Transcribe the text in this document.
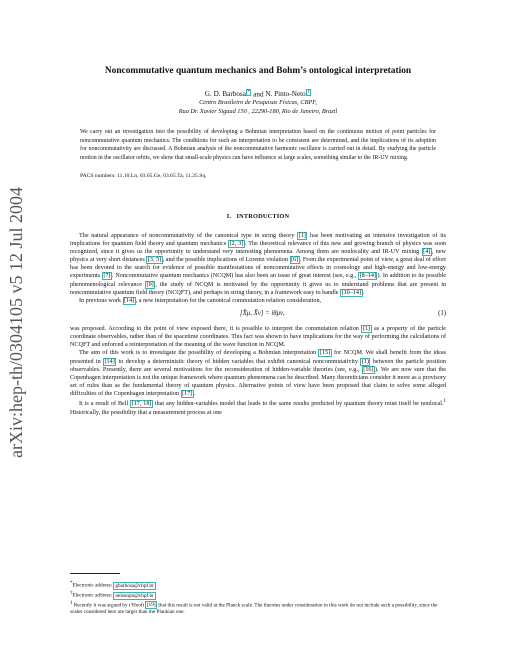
arXiv:hep-th/0304105 v5 12 Jul 2004
Noncommutative quantum mechanics and Bohm’s ontological interpretation
G. D. Barbosa * and N. Pinto-Neto †
Centro Brasileiro de Pesquisas Físicas, CBPF,
Rua Dr. Xavier Sigaud 150 , 22290-180, Rio de Janeiro, Brazil
We carry out an investigation into the possibility of developing a Bohmian interpretation based on the continuous motion of point particles for noncommutative quantum mechanics. The conditions for such an interpretation to be consistent are determined, and the implications of its adoption for noncommutativity are discussed. A Bohmian analysis of the noncommutative harmonic oscillator is carried out in detail. By studying the particle motion in the oscillator orbits, we show that small-scale physics can have influence at large scales, something similar to the IR-UV mixing.
PACS numbers: 11.10.Ln, 03.65.Ge, 03.65.Ta, 11.25.Sq.
I. INTRODUCTION

The natural appearance of noncommutativity of the canonical type in string theory [1] has been motivating an intensive investigation of its implications for quantum field theory and quantum mechanics [2, 3] . The theoretical relevance of this new and growing branch of physics was soon recognized, since it gives us the opportunity to understand very interesting phenomena. Among them are nonlocality and IR-UV mixing [4] , new physics at very short distances [3, 5] , and the possible implications of Lorentz violation [6] . From the experimental point of view, a great deal of effort has been devoted to the search for evidence of possible manifestations of noncommutative effects in cosmology and high-energy and low-energy experiments [7] . Noncommutative quantum mechanics (NCQM) has also been an issue of great interest (see, e.g., [8–14] ). In addition to its possible phenomenological relevance [9] , the study of NCQM is motivated by the opportunity it gives us to understand problems that are present in noncommutative quantum field theory (NCQFT), and perhaps in string theory, in a framework easy to handle [10–14] .

In previous work [14] , a new interpretation for the canonical commutation relation consideration,

[X̂μ, X̂ν] = iθμν,	(1)

was proposed. According to the point of view exposed there, it is possible to interpret the commutation relation (1) as a property of the particle coordinate observables, rather than of the spacetime coordinates. This fact was shown to have implications for the way of performing the calculations of NCQFT and enforced a reinterpretation of the meaning of the wave function in NCQM.

The aim of this work is to investigate the possibility of developing a Bohmian interpretation [15] for NCQM. We shall benefit from the ideas presented in [14] to develop a deterministic theory of hidden variables that exhibit canonical noncommutativity (1) between the particle position observables. Presently, there are several motivations for the reconsideration of hidden-variable theories (see, e.g., [16] ). We are now sure that the Copenhagen interpretation is not the unique framework where quantum phenomena can be described. Many theoreticians consider it more as a provisory set of rules than as the fundamental theory of quantum physics. Alternative points of view have been proposed that claim to solve some alleged difficulties of the Copenhagen interpretation [17] .

It is a result of Bell [17, 18] that any hidden-variables model that leads to the same results predicted by quantum theory must itself be nonlocal.$^1$ Historically, the possibility that a measurement process at one

*Electronic address: gbarbosa@cbpf.br
†Electronic address: nelsonpn@cbpf.br
1 Recently it was argued by t’Hooft [19] that this result is not valid at the Planck scale. The theories under consideration in this work do not include such a possibility, since the scales considered here are larger than the Plankian one.
